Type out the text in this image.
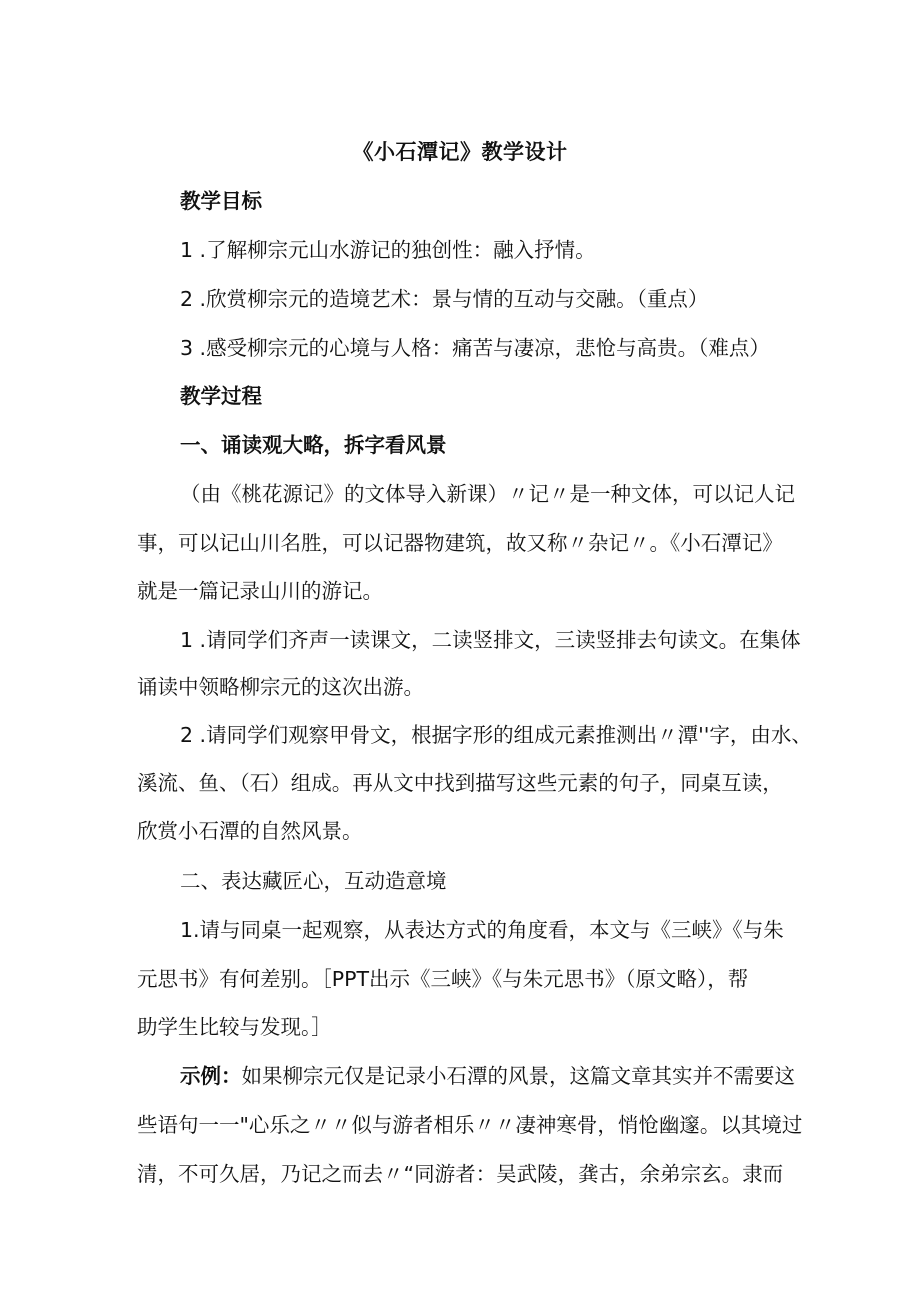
《小石潭记》教学设计
教学目标
1 .了解柳宗元山水游记的独创性：融入抒情。
2 .欣赏柳宗元的造境艺术：景与情的互动与交融。（重点）
3 .感受柳宗元的心境与人格：痛苦与凄凉，悲怆与高贵。（难点）
教学过程
一、诵读观大略，拆字看风景
（由《桃花源记》的文体导入新课）〃记〃是一种文体，可以记人记
事，可以记山川名胜，可以记器物建筑，故又称〃杂记〃。《小石潭记》
就是一篇记录山川的游记。
1 .请同学们齐声一读课文，二读竖排文，三读竖排去句读文。在集体
诵读中领略柳宗元的这次出游。
2 .请同学们观察甲骨文，根据字形的组成元素推测出〃潭''字，由水、
溪流、鱼、（石）组成。再从文中找到描写这些元素的句子，同桌互读，
欣赏小石潭的自然风景。
二、表达藏匠心，互动造意境
1.请与同桌一起观察，从表达方式的角度看，本文与《三峡》《与朱
元思书》有何差别。［PPT出示《三峡》《与朱元思书》（原文略），帮
助学生比较与发现。］
示例：如果柳宗元仅是记录小石潭的风景，这篇文章其实并不需要这
些语句一一"心乐之〃〃似与游者相乐〃〃凄神寒骨，悄怆幽邃。以其境过
清，不可久居，乃记之而去〃“同游者：吴武陵，龚古，余弟宗玄。隶而
